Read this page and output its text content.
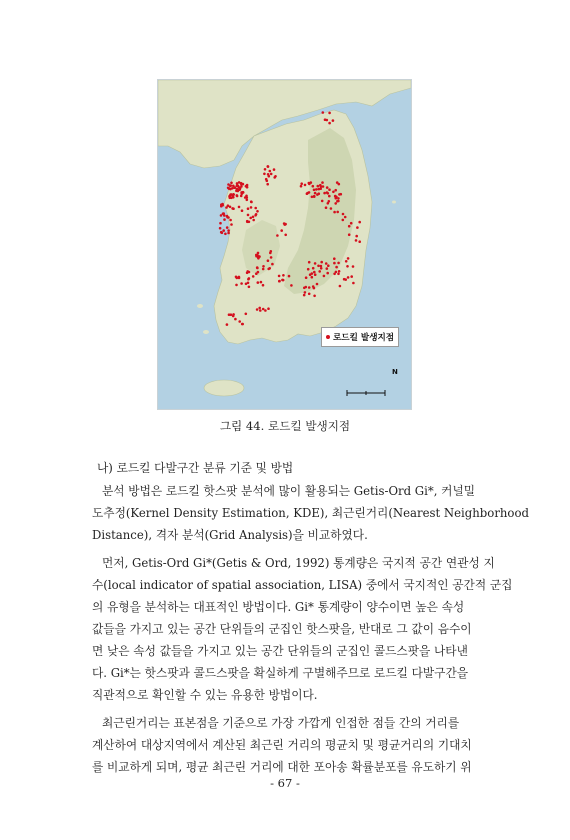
로드킬 발생지점
N
그림 44. 로드킬 발생지점
나) 로드킬 다발구간 분류 기준 및 방법

분석 방법은 로드킬 핫스팟 분석에 많이 활용되는 Getis-Ord Gi*, 커널밀
도추정(Kernel Density Estimation, KDE), 최근린거리(Nearest Neighborhood
Distance), 격자 분석(Grid Analysis)을 비교하였다.

먼저, Getis-Ord Gi*(Getis & Ord, 1992) 통계량은 국지적 공간 연관성 지
수(local indicator of spatial association, LISA) 중에서 국지적인 공간적 군집
의 유형을 분석하는 대표적인 방법이다. Gi* 통계량이 양수이면 높은 속성
값들을 가지고 있는 공간 단위들의 군집인 핫스팟을, 반대로 그 값이 음수이
면 낮은 속성 값들을 가지고 있는 공간 단위들의 군집인 콜드스팟을 나타낸
다. Gi*는 핫스팟과 콜드스팟을 확실하게 구별해주므로 로드킬 다발구간을
직관적으로 확인할 수 있는 유용한 방법이다.

최근린거리는 표본점을 기준으로 가장 가깝게 인접한 점들 간의 거리를
계산하여 대상지역에서 계산된 최근린 거리의 평균치 및 평균거리의 기대치
를 비교하게 되며, 평균 최근린 거리에 대한 포아송 확률분포를 유도하기 위

- 67 -
